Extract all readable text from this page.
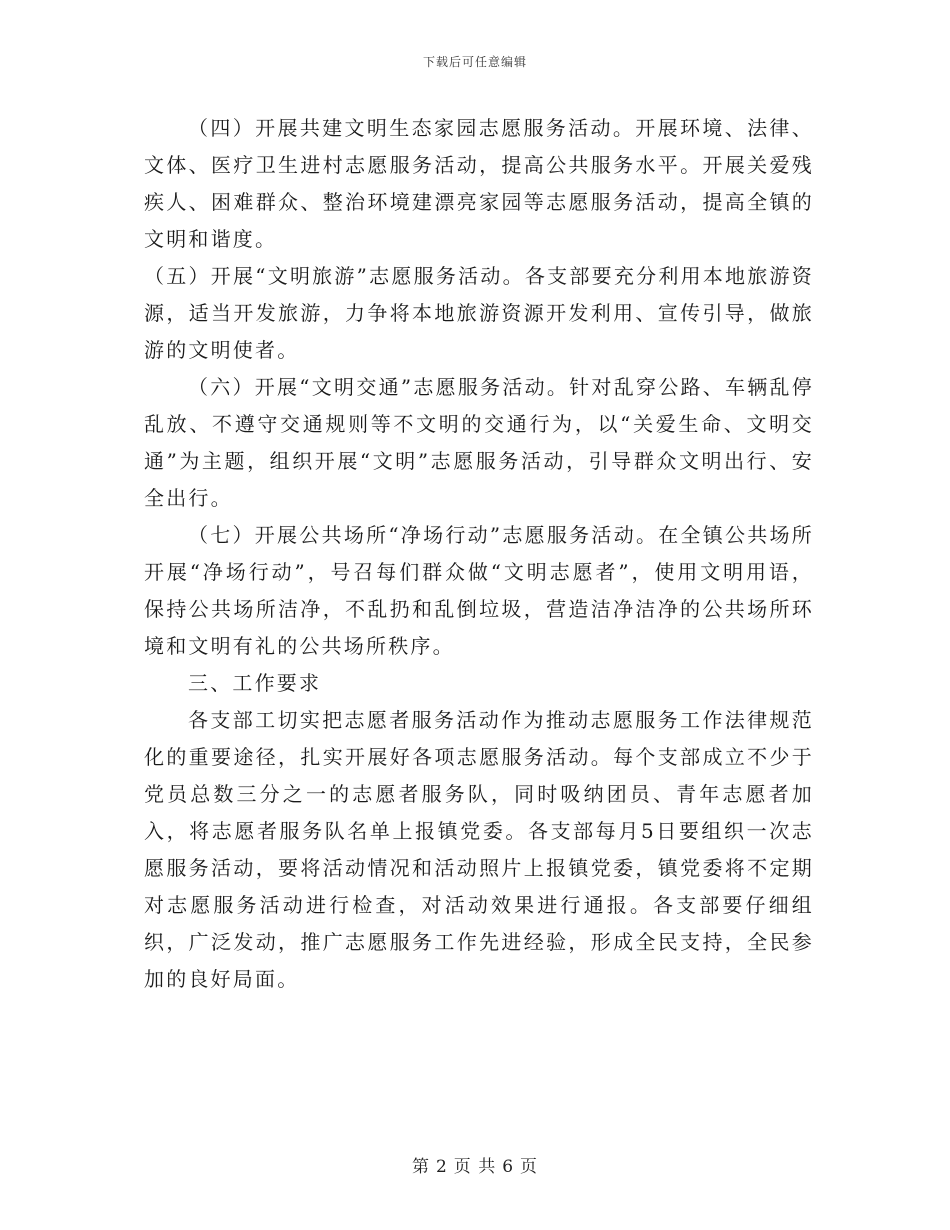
下载后可任意编辑

（四）开展共建文明生态家园志愿服务活动。开展环境、法律、文体、医疗卫生进村志愿服务活动，提高公共服务水平。开展关爱残疾人、困难群众、整治环境建漂亮家园等志愿服务活动，提高全镇的文明和谐度。

（五）开展“文明旅游”志愿服务活动。各支部要充分利用本地旅游资源，适当开发旅游，力争将本地旅游资源开发利用、宣传引导，做旅游的文明使者。

（六）开展“文明交通”志愿服务活动。针对乱穿公路、车辆乱停乱放、不遵守交通规则等不文明的交通行为，以“关爱生命、文明交通”为主题，组织开展“文明”志愿服务活动，引导群众文明出行、安全出行。

（七）开展公共场所“净场行动”志愿服务活动。在全镇公共场所开展“净场行动”，号召每们群众做“文明志愿者”，使用文明用语，保持公共场所洁净，不乱扔和乱倒垃圾，营造洁净洁净的公共场所环境和文明有礼的公共场所秩序。

三、工作要求

各支部工切实把志愿者服务活动作为推动志愿服务工作法律规范化的重要途径，扎实开展好各项志愿服务活动。每个支部成立不少于党员总数三分之一的志愿者服务队，同时吸纳团员、青年志愿者加入，将志愿者服务队名单上报镇党委。各支部每月5日要组织一次志愿服务活动，要将活动情况和活动照片上报镇党委，镇党委将不定期对志愿服务活动进行检查，对活动效果进行通报。各支部要仔细组织，广泛发动，推广志愿服务工作先进经验，形成全民支持，全民参加的良好局面。

第 2 页 共 6 页
